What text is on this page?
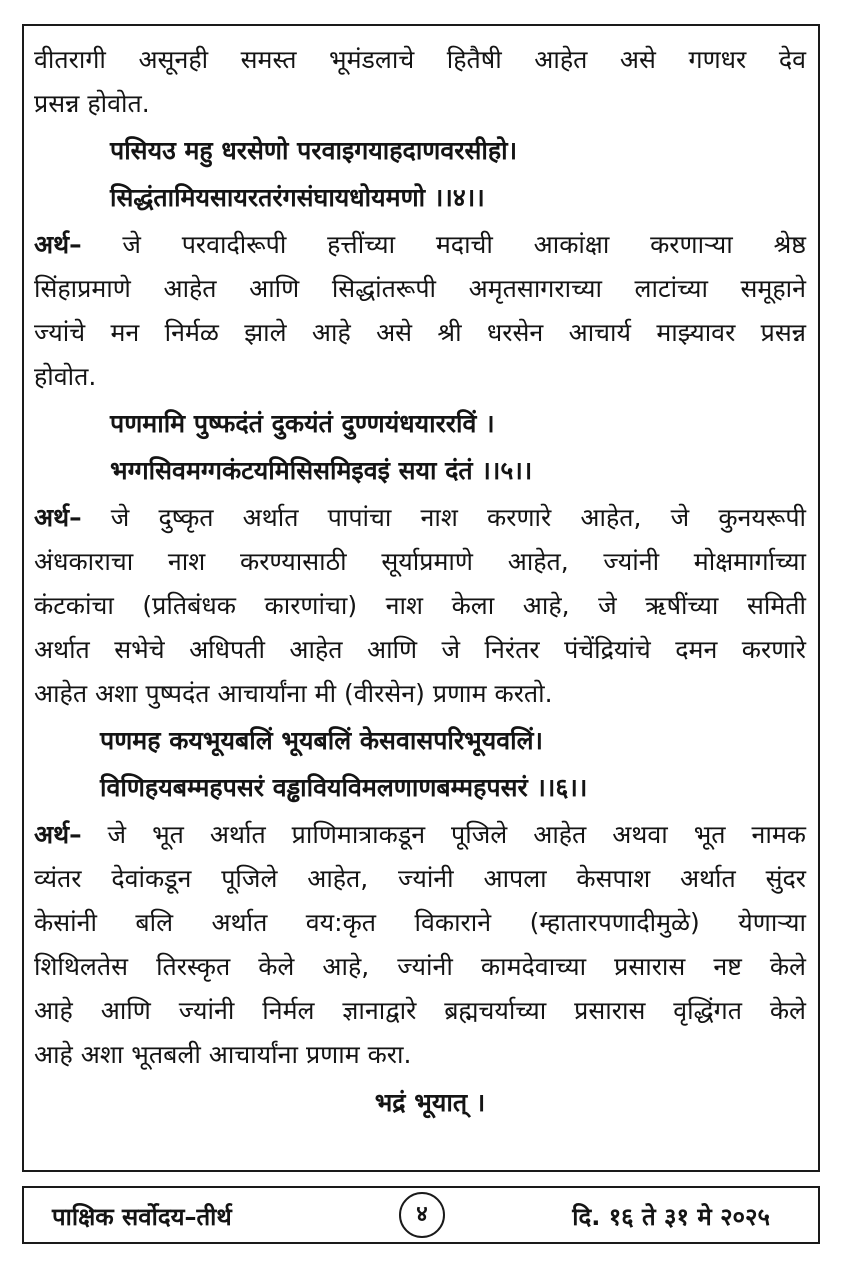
वीतरागी असूनही समस्त भूमंडलाचे हितैषी आहेत असे गणधर देव
प्रसन्न होवोत.
पसियउ महु धरसेणो परवाइगयाहदाणवरसीहो।
सिद्धंतामियसायरतरंगसंघायधोयमणो ।।४।।
अर्थ– जे परवादीरूपी हत्तींच्या मदाची आकांक्षा करणाऱ्या श्रेष्ठ
सिंहाप्रमाणे आहेत आणि सिद्धांतरूपी अमृतसागराच्या लाटांच्या समूहाने
ज्यांचे मन निर्मळ झाले आहे असे श्री धरसेन आचार्य माझ्यावर प्रसन्न
होवोत.
पणमामि पुष्फदंतं दुकयंतं दुण्णयंधयाररविं ।
भग्गसिवमग्गकंटयमिसिसमिइवइं सया दंतं ।।५।।
अर्थ– जे दुष्कृत अर्थात पापांचा नाश करणारे आहेत, जे कुनयरूपी
अंधकाराचा नाश करण्यासाठी सूर्याप्रमाणे आहेत, ज्यांनी मोक्षमार्गाच्या
कंटकांचा (प्रतिबंधक कारणांचा) नाश केला आहे, जे ऋषींच्या समिती
अर्थात सभेचे अधिपती आहेत आणि जे निरंतर पंचेंद्रियांचे दमन करणारे
आहेत अशा पुष्पदंत आचार्यांना मी (वीरसेन) प्रणाम करतो.
पणमह कयभूयबलिं भूयबलिं केसवासपरिभूयवलिं।
विणिहयबम्महपसरं वड्ढावियविमलणाणबम्महपसरं ।।६।।
अर्थ– जे भूत अर्थात प्राणिमात्राकडून पूजिले आहेत अथवा भूत नामक
व्यंतर देवांकडून पूजिले आहेत, ज्यांनी आपला केसपाश अर्थात सुंदर
केसांनी बलि अर्थात वय:कृत विकाराने (म्हातारपणादीमुळे) येणाऱ्या
शिथिलतेस तिरस्कृत केले आहे, ज्यांनी कामदेवाच्या प्रसारास नष्ट केले
आहे आणि ज्यांनी निर्मल ज्ञानाद्वारे ब्रह्मचर्याच्या प्रसारास वृद्धिंगत केले
आहे अशा भूतबली आचार्यांना प्रणाम करा.
भद्रं भूयात् ।
पाक्षिक सर्वोदय–तीर्थ	४	दि. १६ ते ३१ मे २०२५
